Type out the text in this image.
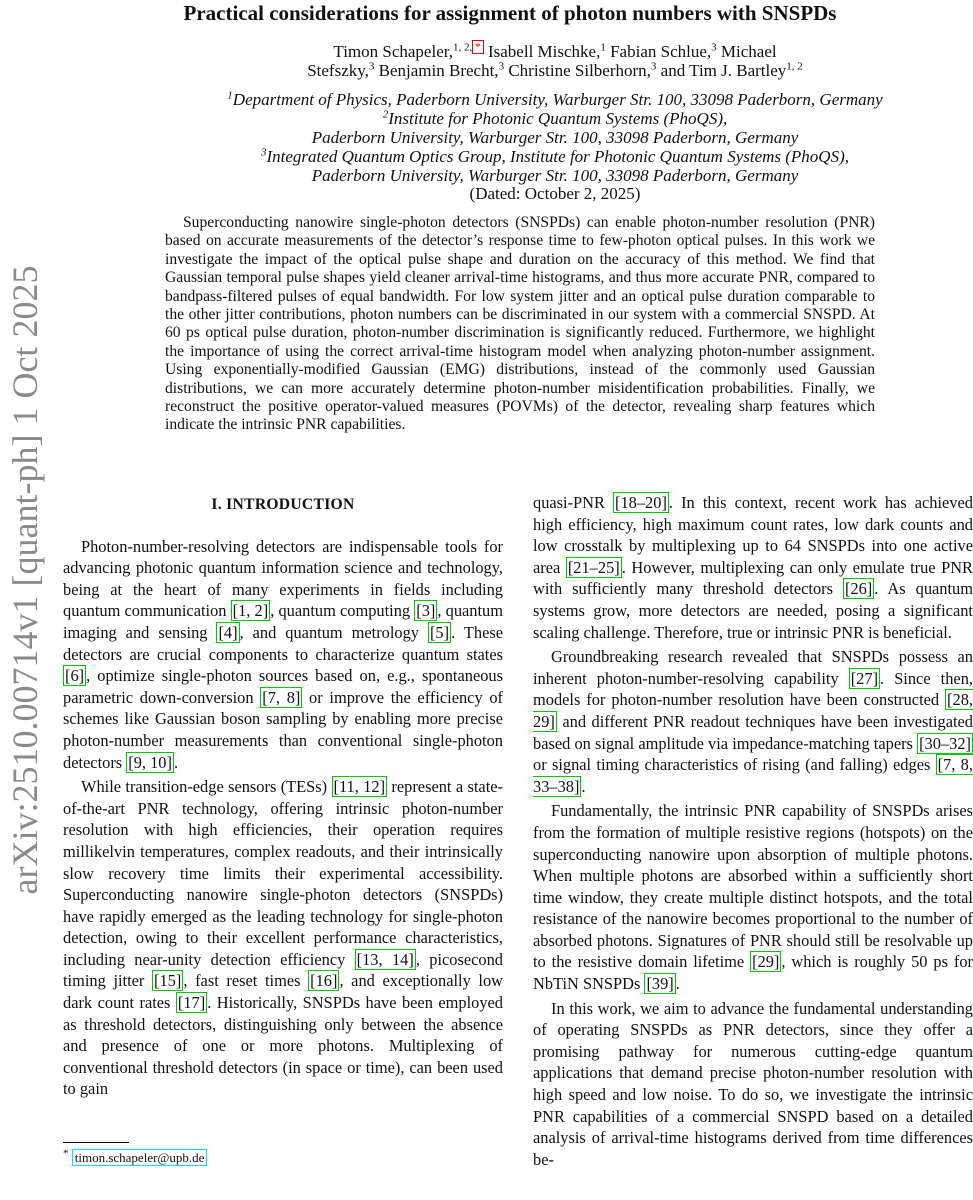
arXiv:2510.00714v1 [quant-ph] 1 Oct 2025
Practical considerations for assignment of photon numbers with SNSPDs
Timon Schapeler,$^{1, 2,}$ * Isabell Mischke,$^1$ Fabian Schlue,$^3$ Michael
Stefszky,$^3$ Benjamin Brecht,$^3$ Christine Silberhorn,$^3$ and Tim J. Bartley$^{1, 2}$
$^1$Department of Physics, Paderborn University, Warburger Str. 100, 33098 Paderborn, Germany
$^2$Institute for Photonic Quantum Systems (PhoQS),
Paderborn University, Warburger Str. 100, 33098 Paderborn, Germany
$^3$Integrated Quantum Optics Group, Institute for Photonic Quantum Systems (PhoQS),
Paderborn University, Warburger Str. 100, 33098 Paderborn, Germany
(Dated: October 2, 2025)
Superconducting nanowire single-photon detectors (SNSPDs) can enable photon-number resolution (PNR) based on accurate measurements of the detector’s response time to few-photon optical pulses. In this work we investigate the impact of the optical pulse shape and duration on the accuracy of this method. We find that Gaussian temporal pulse shapes yield cleaner arrival-time histograms, and thus more accurate PNR, compared to bandpass-filtered pulses of equal bandwidth. For low system jitter and an optical pulse duration comparable to the other jitter contributions, photon numbers can be discriminated in our system with a commercial SNSPD. At 60 ps optical pulse duration, photon-number discrimination is significantly reduced. Furthermore, we highlight the importance of using the correct arrival-time histogram model when analyzing photon-number assignment. Using exponentially-modified Gaussian (EMG) distributions, instead of the commonly used Gaussian distributions, we can more accurately determine photon-number misidentification probabilities. Finally, we reconstruct the positive operator-valued measures (POVMs) of the detector, revealing sharp features which indicate the intrinsic PNR capabilities.
I. INTRODUCTION

Photon-number-resolving detectors are indispensable tools for advancing photonic quantum information science and technology, being at the heart of many experiments in fields including quantum communication [1, 2] , quantum computing [3] , quantum imaging and sensing [4] , and quantum metrology [5] . These detectors are crucial components to characterize quantum states [6] , optimize single-photon sources based on, e.g., spontaneous parametric down-conversion [7, 8] or improve the efficiency of schemes like Gaussian boson sampling by enabling more precise photon-number measurements than conventional single-photon detectors [9, 10] .

While transition-edge sensors (TESs) [11, 12] represent a state-of-the-art PNR technology, offering intrinsic photon-number resolution with high efficiencies, their operation requires millikelvin temperatures, complex readouts, and their intrinsically slow recovery time limits their experimental accessibility. Superconducting nanowire single-photon detectors (SNSPDs) have rapidly emerged as the leading technology for single-photon detection, owing to their excellent performance characteristics, including near-unity detection efficiency [13, 14] , picosecond timing jitter [15] , fast reset times [16] , and exceptionally low dark count rates [17] . Historically, SNSPDs have been employed as threshold detectors, distinguishing only between the absence and presence of one or more photons. Multiplexing of conventional threshold detectors (in space or time), can been used to gain

quasi-PNR [18–20] . In this context, recent work has achieved high efficiency, high maximum count rates, low dark counts and low crosstalk by multiplexing up to 64 SNSPDs into one active area [21–25] . However, multiplexing can only emulate true PNR with sufficiently many threshold detectors [26] . As quantum systems grow, more detectors are needed, posing a significant scaling challenge. Therefore, true or intrinsic PNR is beneficial.

Groundbreaking research revealed that SNSPDs possess an inherent photon-number-resolving capability [27] . Since then, models for photon-number resolution have been constructed [28, 29] and different PNR readout techniques have been investigated based on signal amplitude via impedance-matching tapers [30–32] or signal timing characteristics of rising (and falling) edges [7, 8, 33–38] .

Fundamentally, the intrinsic PNR capability of SNSPDs arises from the formation of multiple resistive regions (hotspots) on the superconducting nanowire upon absorption of multiple photons. When multiple photons are absorbed within a sufficiently short time window, they create multiple distinct hotspots, and the total resistance of the nanowire becomes proportional to the number of absorbed photons. Signatures of PNR should still be resolvable up to the resistive domain lifetime [29] , which is roughly 50 ps for NbTiN SNSPDs [39] .

In this work, we aim to advance the fundamental understanding of operating SNSPDs as PNR detectors, since they offer a promising pathway for numerous cutting-edge quantum applications that demand precise photon-number resolution with high speed and low noise. To do so, we investigate the intrinsic PNR capabilities of a commercial SNSPD based on a detailed analysis of arrival-time histograms derived from time differences be-

* timon.schapeler@upb.de
